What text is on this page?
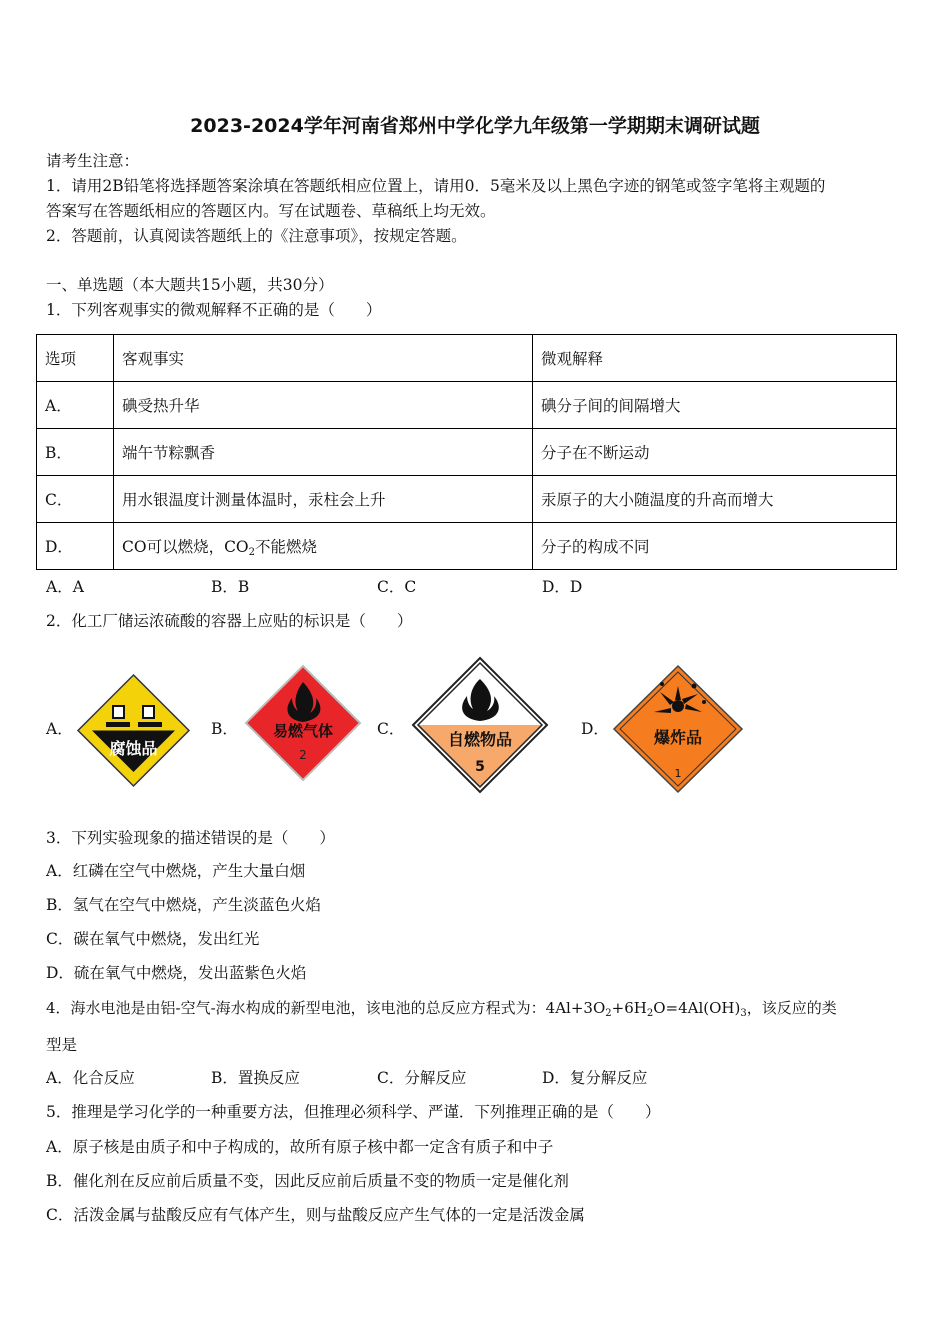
2023-2024学年河南省郑州中学化学九年级第一学期期末调研试题
请考生注意：
1．请用2B铅笔将选择题答案涂填在答题纸相应位置上，请用0．5毫米及以上黑色字迹的钢笔或签字笔将主观题的
答案写在答题纸相应的答题区内。写在试题卷、草稿纸上均无效。
2．答题前，认真阅读答题纸上的《注意事项》，按规定答题。
一、单选题（本大题共15小题，共30分）
1．下列客观事实的微观解释不正确的是（　　）
选项	客观事实	微观解释
A．	碘受热升华	碘分子间的间隔增大
B．	端午节粽飘香	分子在不断运动
C．	用水银温度计测量体温时，汞柱会上升	汞原子的大小随温度的升高而增大
D．	CO可以燃烧，$CO_2$不能燃烧	分子的构成不同
A．A	B．B	C．C	D．D
2．化工厂储运浓硫酸的容器上应贴的标识是（　　）
A．
腐蚀品
B． 易燃气体
2
C．
自燃物品
5
D．	爆炸品
1
3．下列实验现象的描述错误的是（　　）
A．红磷在空气中燃烧，产生大量白烟
B．氢气在空气中燃烧，产生淡蓝色火焰
C．碳在氧气中燃烧，发出红光
D．硫在氧气中燃烧，发出蓝紫色火焰
4．海水电池是由铝-空气-海水构成的新型电池，该电池的总反应方程式为：$4Al+3O_2+6H_2O=4Al(OH)_3$，该反应的类
型是
A．化合反应	B．置换反应	C．分解反应	D．复分解反应
5．推理是学习化学的一种重要方法，但推理必须科学、严谨．下列推理正确的是（　　）
A．原子核是由质子和中子构成的，故所有原子核中都一定含有质子和中子
B．催化剂在反应前后质量不变，因此反应前后质量不变的物质一定是催化剂
C．活泼金属与盐酸反应有气体产生，则与盐酸反应产生气体的一定是活泼金属
